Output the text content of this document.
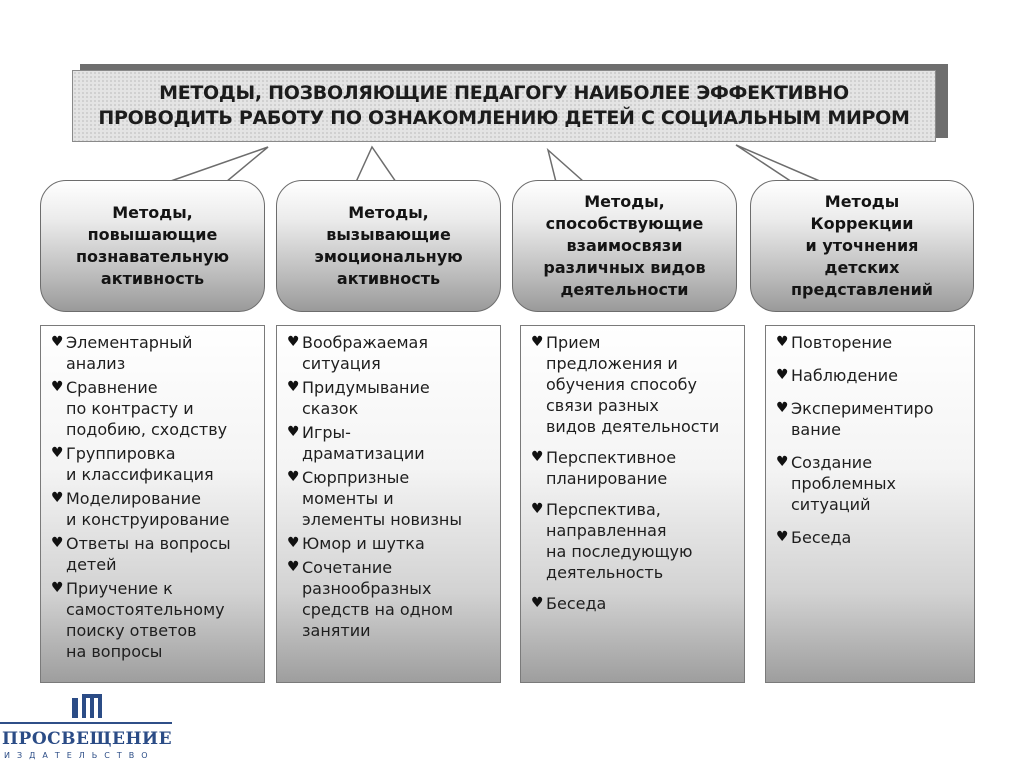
МЕТОДЫ, ПОЗВОЛЯЮЩИЕ ПЕДАГОГУ НАИБОЛЕЕ ЭФФЕКТИВНО
ПРОВОДИТЬ РАБОТУ ПО ОЗНАКОМЛЕНИЮ ДЕТЕЙ С СОЦИАЛЬНЫМ МИРОМ
Методы,
повышающие
познавательную
активность
Методы,
вызывающие
эмоциональную
активность
Методы,
способствующие
взаимосвязи
различных видов
деятельности
Методы
Коррекции
и уточнения
детских
представлений
♥ Элементарный
анализ
♥ Сравнение
по контрасту и
подобию, сходству
♥ Группировка
и классификация
♥ Моделирование
и конструирование
♥ Ответы на вопросы
детей
♥ Приучение к
самостоятельному
поиску ответов
на вопросы
♥ Воображаемая
ситуация
♥ Придумывание
сказок
♥ Игры-
драматизации
♥ Сюрпризные
моменты и
элементы новизны
♥ Юмор и шутка
♥ Сочетание
разнообразных
средств на одном
занятии
♥ Прием
предложения и
обучения способу
связи разных
видов деятельности
♥ Перспективное
планирование
♥ Перспектива,
направленная
на последующую
деятельность
♥ Беседа
♥ Повторение
♥ Наблюдение
♥ Экспериментиро
вание
♥ Создание
проблемных
ситуаций
♥ Беседа
ПРОСВЕЩЕНИЕ
ИЗДАТЕЛЬСТВО
